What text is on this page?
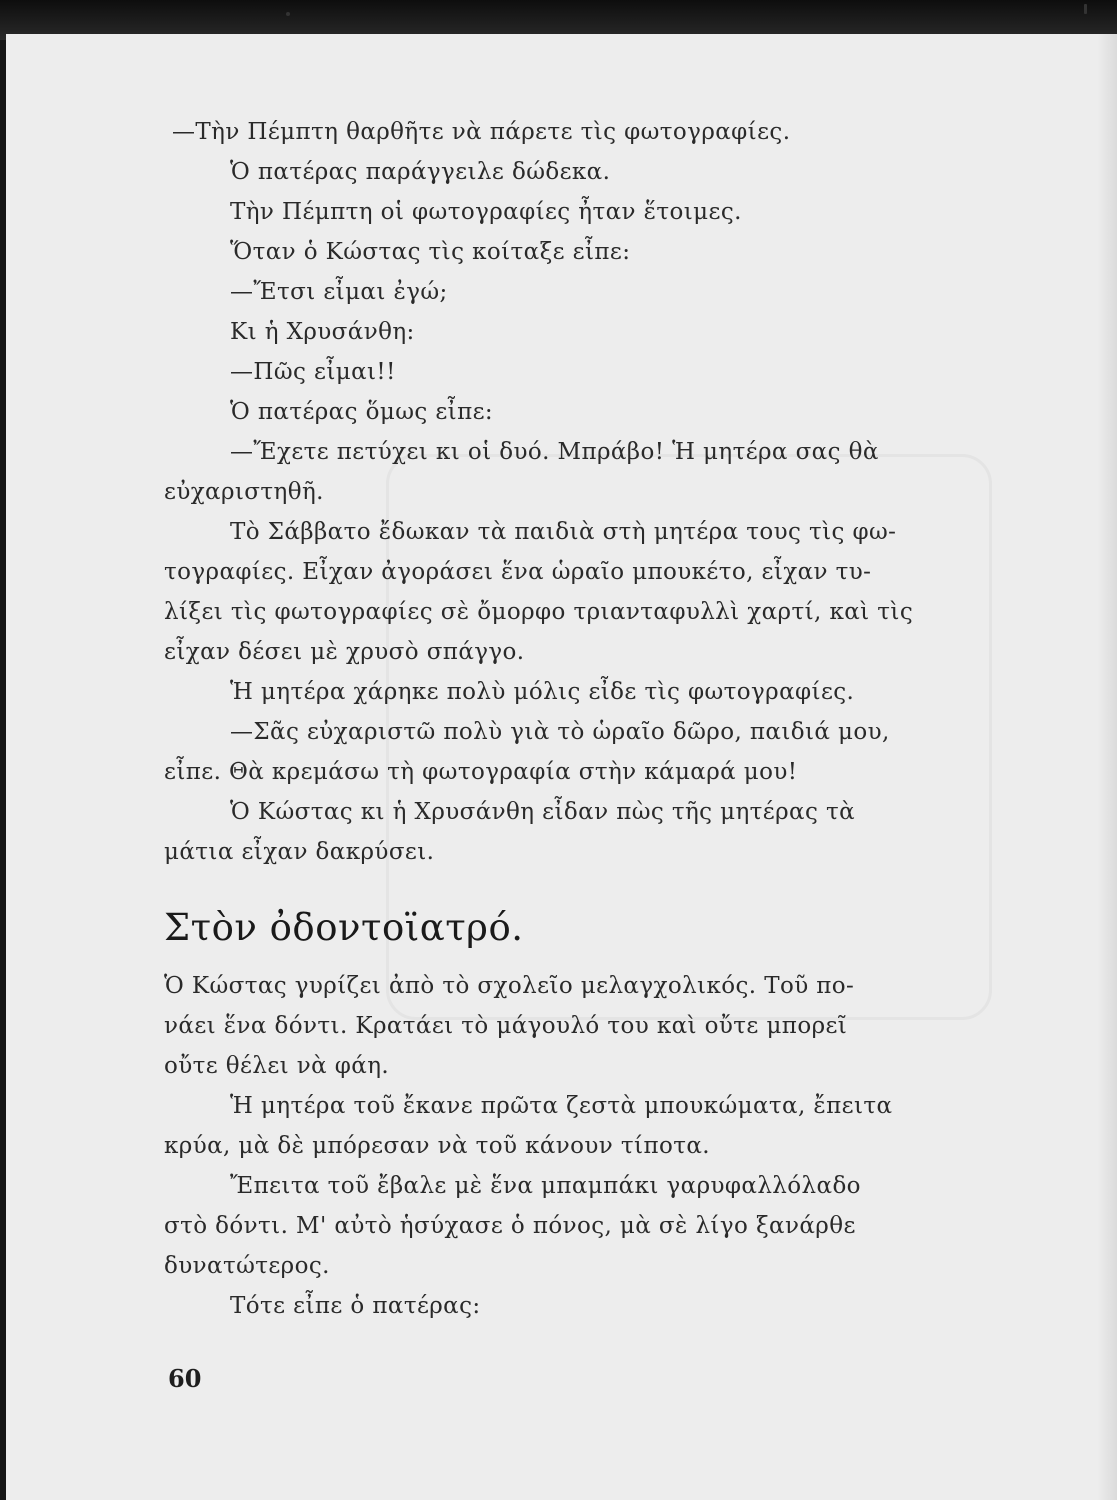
—Τὴν Πέμπτη θαρθῆτε νὰ πάρετε τὶς φωτογραφίες.
Ὁ πατέρας παράγγειλε δώδεκα.
Τὴν Πέμπτη οἱ φωτογραφίες ἦταν ἕτοιμες.
Ὅταν ὁ Κώστας τὶς κοίταξε εἶπε:
—Ἔτσι εἶμαι ἐγώ;
Κι ἡ Χρυσάνθη:
—Πῶς εἶμαι!!
Ὁ πατέρας ὅμως εἶπε:
—Ἔχετε πετύχει κι οἱ δυό. Μπράβο! Ἡ μητέρα σας θὰ
εὐχαριστηθῆ.
Τὸ Σάββατο ἔδωκαν τὰ παιδιὰ στὴ μητέρα τους τὶς φω-
τογραφίες. Εἶχαν ἀγοράσει ἕνα ὡραῖο μπουκέτο, εἶχαν τυ-
λίξει τὶς φωτογραφίες σὲ ὄμορφο τριανταφυλλὶ χαρτί, καὶ τὶς
εἶχαν δέσει μὲ χρυσὸ σπάγγο.
Ἡ μητέρα χάρηκε πολὺ μόλις εἶδε τὶς φωτογραφίες.
—Σᾶς εὐχαριστῶ πολὺ γιὰ τὸ ὡραῖο δῶρο, παιδιά μου,
εἶπε. Θὰ κρεμάσω τὴ φωτογραφία στὴν κάμαρά μου!
Ὁ Κώστας κι ἡ Χρυσάνθη εἶδαν πὼς τῆς μητέρας τὰ
μάτια εἶχαν δακρύσει.
Στὸν ὀδοντοϊατρό.
Ὁ Κώστας γυρίζει ἀπὸ τὸ σχολεῖο μελαγχολικός. Τοῦ πο-
νάει ἕνα δόντι. Κρατάει τὸ μάγουλό του καὶ οὔτε μπορεῖ
οὔτε θέλει νὰ φάη.
Ἡ μητέρα τοῦ ἔκανε πρῶτα ζεστὰ μπουκώματα, ἔπειτα
κρύα, μὰ δὲ μπόρεσαν νὰ τοῦ κάνουν τίποτα.
Ἔπειτα τοῦ ἔβαλε μὲ ἕνα μπαμπάκι γαρυφαλλόλαδο
στὸ δόντι. Μ' αὐτὸ ἡσύχασε ὁ πόνος, μὰ σὲ λίγο ξανάρθε
δυνατώτερος.
Τότε εἶπε ὁ πατέρας:
60
